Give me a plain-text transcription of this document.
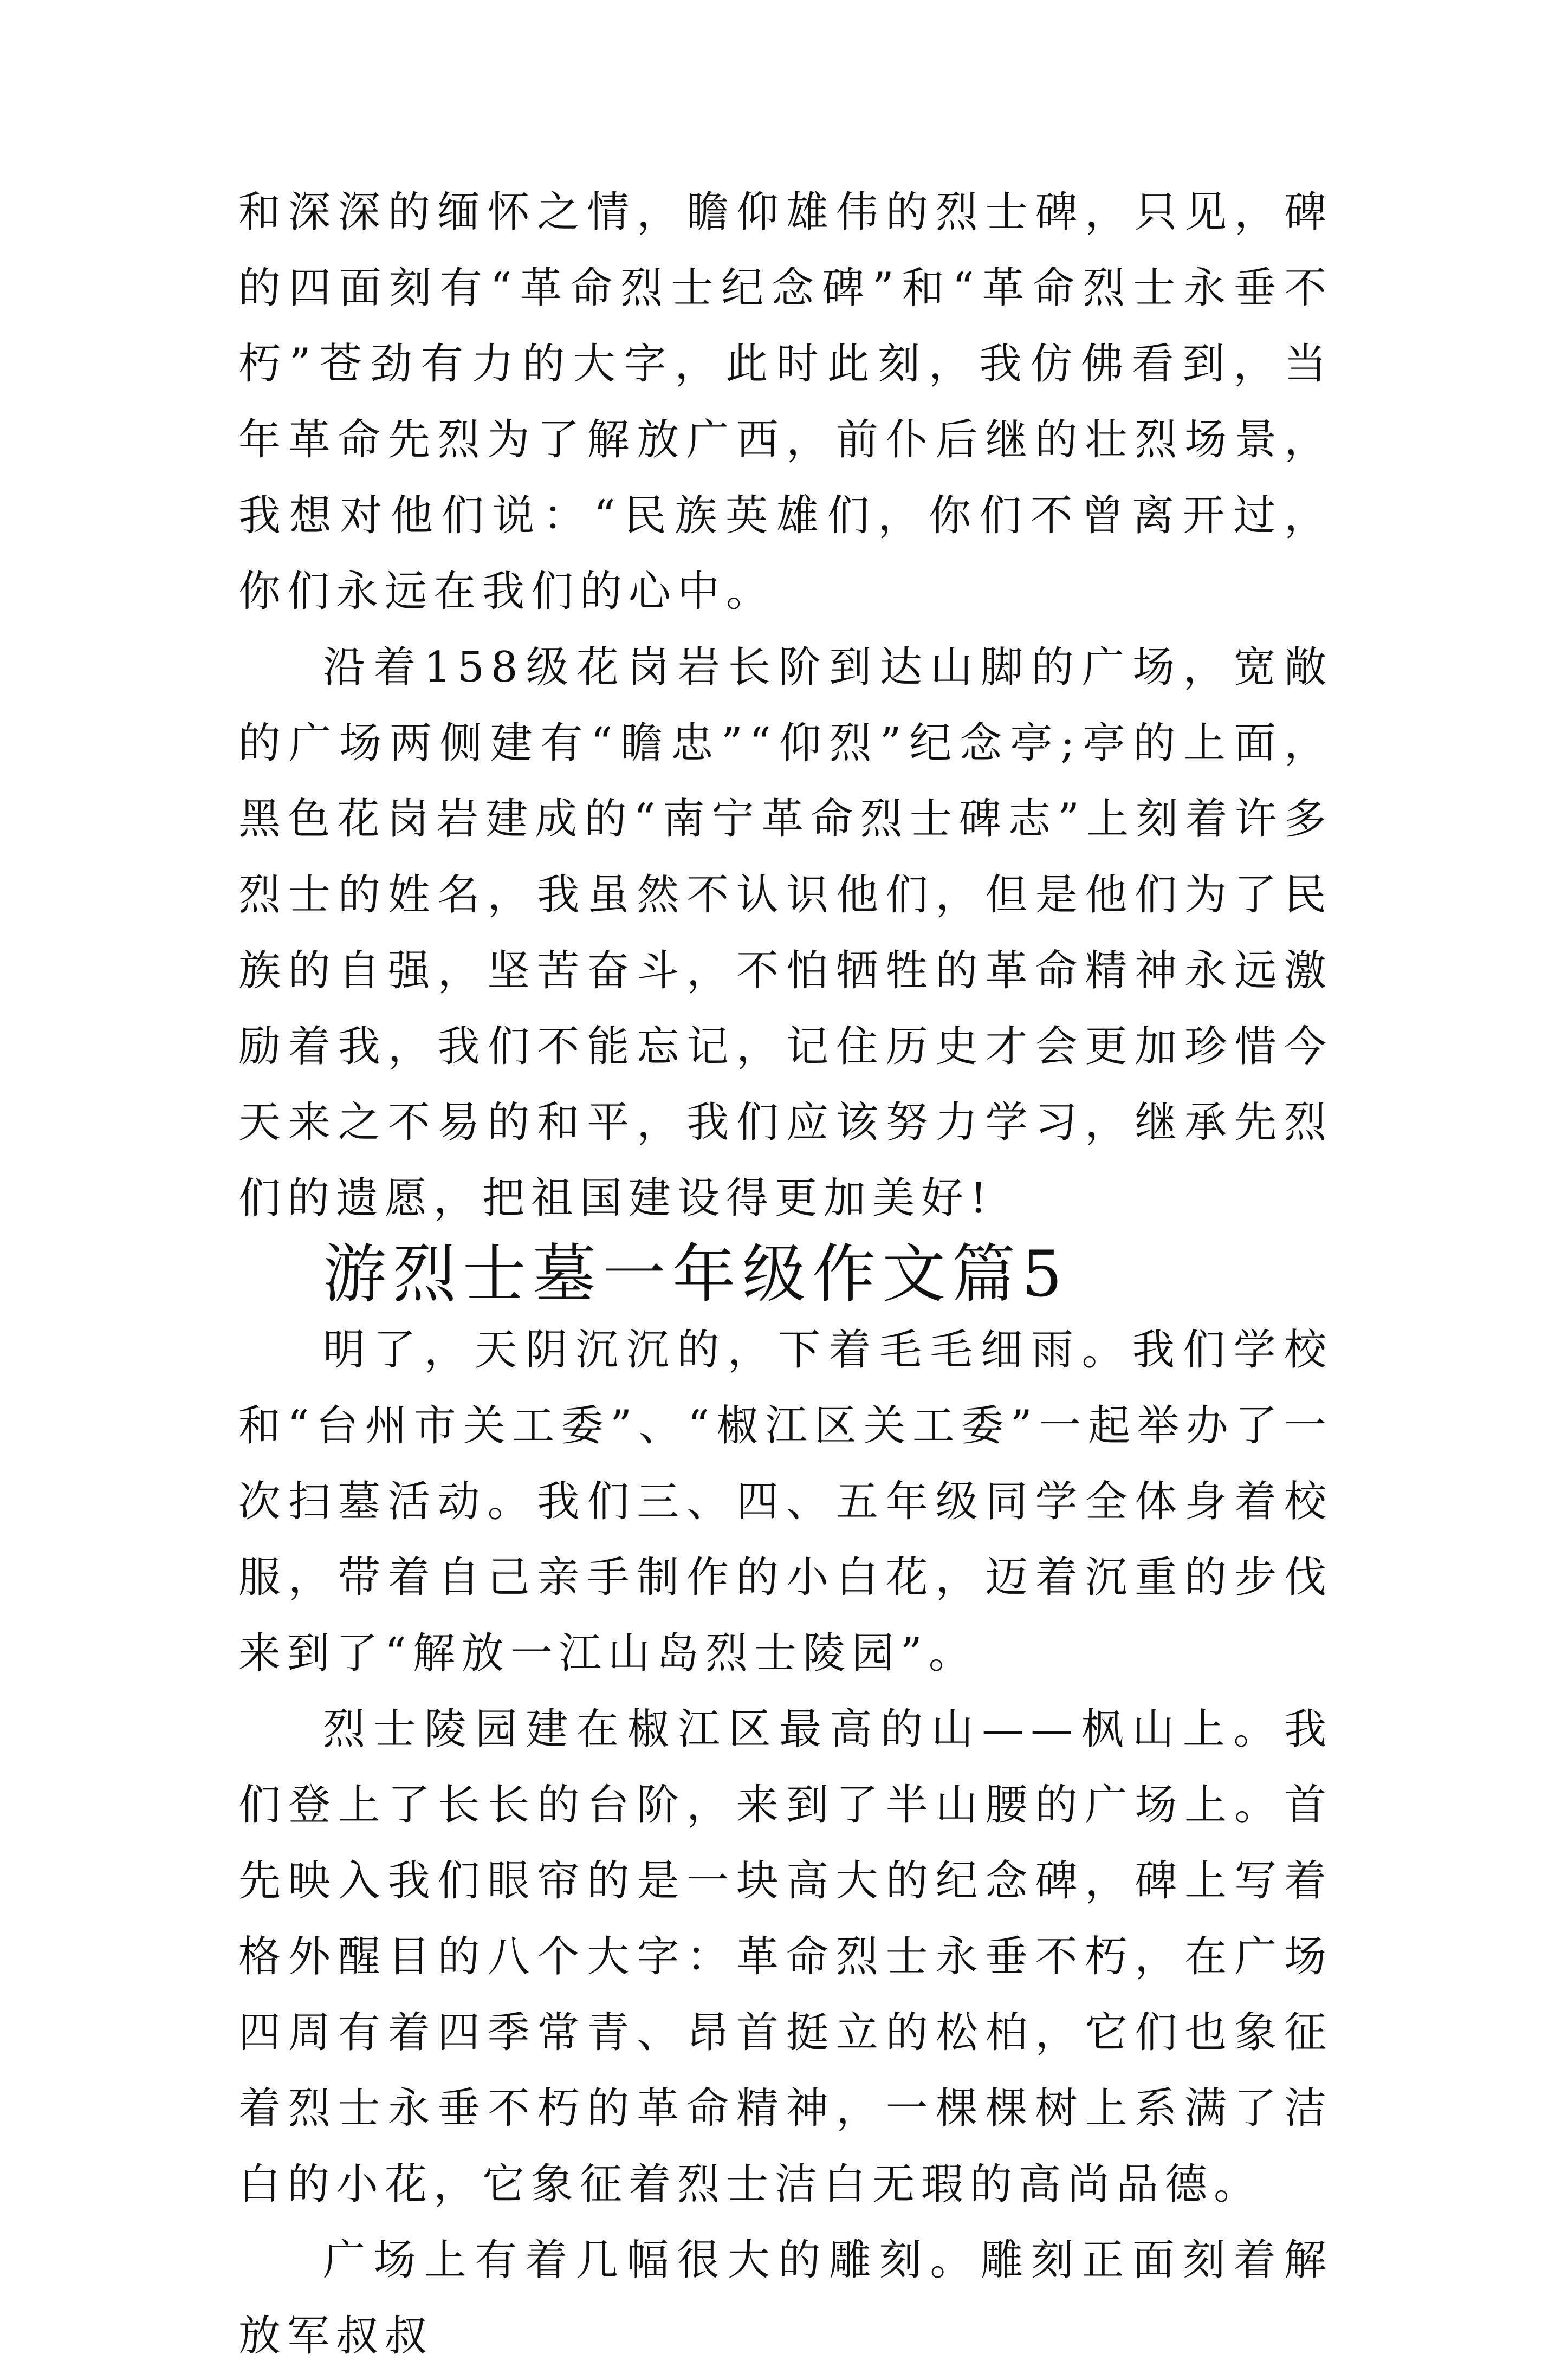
和深深的缅怀之情，瞻仰雄伟的烈士碑，只见，碑的四面刻有“革命烈士纪念碑”和“革命烈士永垂不朽”苍劲有力的大字，此时此刻，我仿佛看到，当年革命先烈为了解放广西，前仆后继的壮烈场景，我想对他们说：“民族英雄们，你们不曾离开过，你们永远在我们的心中。

沿着158级花岗岩长阶到达山脚的广场，宽敞的广场两侧建有“瞻忠”“仰烈”纪念亭;亭的上面，黑色花岗岩建成的“南宁革命烈士碑志”上刻着许多烈士的姓名，我虽然不认识他们，但是他们为了民族的自强，坚苦奋斗，不怕牺牲的革命精神永远激励着我，我们不能忘记，记住历史才会更加珍惜今天来之不易的和平，我们应该努力学习，继承先烈们的遗愿，把祖国建设得更加美好!

游烈士墓一年级作文篇5

明了，天阴沉沉的，下着毛毛细雨。我们学校和“台州市关工委”、“椒江区关工委”一起举办了一次扫墓活动。我们三、四、五年级同学全体身着校服，带着自己亲手制作的小白花，迈着沉重的步伐来到了“解放一江山岛烈士陵园”。

烈士陵园建在椒江区最高的山——枫山上。我们登上了长长的台阶，来到了半山腰的广场上。首先映入我们眼帘的是一块高大的纪念碑，碑上写着格外醒目的八个大字：革命烈士永垂不朽，在广场四周有着四季常青、昂首挺立的松柏，它们也象征着烈士永垂不朽的革命精神，一棵棵树上系满了洁白的小花，它象征着烈士洁白无瑕的高尚品德。

广场上有着几幅很大的雕刻。雕刻正面刻着解放军叔叔
